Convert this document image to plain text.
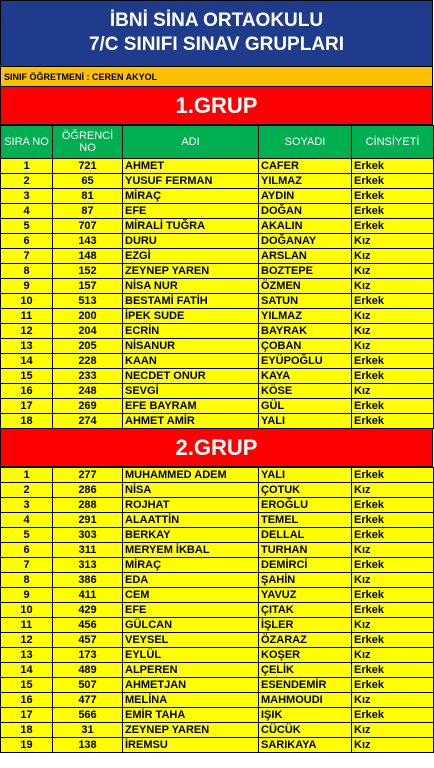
İBNİ SİNA ORTAOKULU
7/C SINIFI SINAV GRUPLARI
SINIF ÖĞRETMENİ : CEREN AKYOL
1.GRUP
SIRA NO	ÖĞRENCİ NO	ADI	SOYADI	CİNSİYETİ
1	721	AHMET	CAFER	Erkek
2	65	YUSUF FERMAN	YILMAZ	Erkek
3	81	MİRAÇ	AYDIN	Erkek
4	87	EFE	DOĞAN	Erkek
5	707	MİRALİ TUĞRA	AKALIN	Erkek
6	143	DURU	DOĞANAY	Kız
7	148	EZGİ	ARSLAN	Kız
8	152	ZEYNEP YAREN	BOZTEPE	Kız
9	157	NİSA NUR	ÖZMEN	Kız
10	513	BESTAMİ FATİH	SATUN	Erkek
11	200	İPEK SUDE	YILMAZ	Kız
12	204	ECRİN	BAYRAK	Kız
13	205	NİSANUR	ÇOBAN	Kız
14	228	KAAN	EYÜPOĞLU	Erkek
15	233	NECDET ONUR	KAYA	Erkek
16	248	SEVGİ	KÖSE	Kız
17	269	EFE BAYRAM	GÜL	Erkek
18	274	AHMET AMİR	YALI	Erkek
2.GRUP
1	277	MUHAMMED ADEM	YALI	Erkek
2	286	NİSA	ÇOTUK	Kız
3	288	ROJHAT	EROĞLU	Erkek
4	291	ALAATTİN	TEMEL	Erkek
5	303	BERKAY	DELLAL	Erkek
6	311	MERYEM İKBAL	TURHAN	Kız
7	313	MİRAÇ	DEMİRCİ	Erkek
8	386	EDA	ŞAHİN	Kız
9	411	CEM	YAVUZ	Erkek
10	429	EFE	ÇITAK	Erkek
11	456	GÜLCAN	İŞLER	Kız
12	457	VEYSEL	ÖZARAZ	Erkek
13	173	EYLÜL	KOŞER	Kız
14	489	ALPEREN	ÇELİK	Erkek
15	507	AHMETJAN	ESENDEMİR	Erkek
16	477	MELİNA	MAHMOUDI	Kız
17	566	EMİR TAHA	IŞIK	Erkek
18	31	ZEYNEP YAREN	CÜCÜK	Kız
19	138	İREMSU	SARIKAYA	Kız
